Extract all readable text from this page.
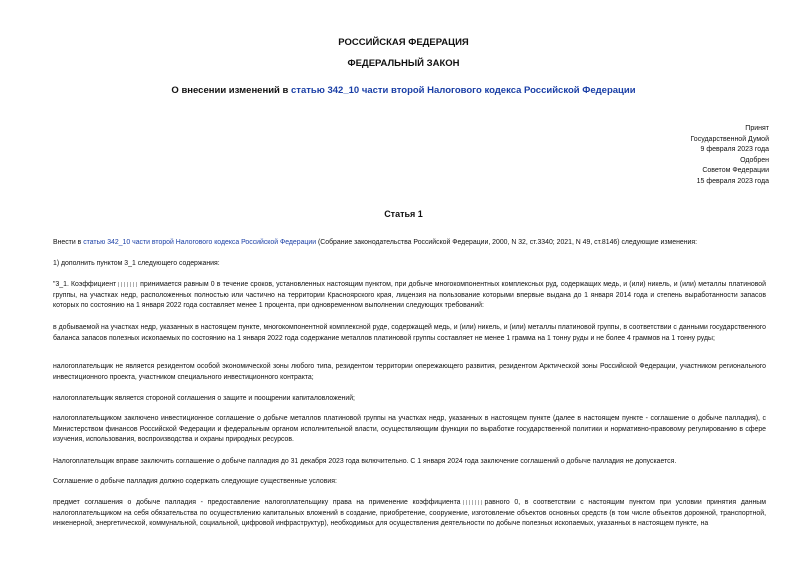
РОССИЙСКАЯ ФЕДЕРАЦИЯ
ФЕДЕРАЛЬНЫЙ ЗАКОН
О внесении изменений в статью 342_10 части второй Налогового кодекса Российской Федерации
Принят
Государственной Думой
9 февраля 2023 года
Одобрен
Советом Федерации
15 февраля 2023 года
Статья 1
Внести в статью 342_10 части второй Налогового кодекса Российской Федерации (Собрание законодательства Российской Федерации, 2000, N 32, ст.3340; 2021, N 49, ст.8146) следующие изменения:
1) дополнить пунктом 3_1 следующего содержания:
"3_1. Коэффициент	принимается равным 0 в течение сроков, установленных настоящим пунктом, при добыче многокомпонентных комплексных руд, содержащих медь, и (или) никель, и (или) металлы платиновой группы, на участках недр, расположенных полностью или частично на территории Красноярского края, лицензия на пользование которыми впервые выдана до 1 января 2014 года и степень выработанности запасов которых по состоянию на 1 января 2022 года составляет менее 1 процента, при одновременном выполнении следующих требований:
в добываемой на участках недр, указанных в настоящем пункте, многокомпонентной комплексной руде, содержащей медь, и (или) никель, и (или) металлы платиновой группы, в соответствии с данными государственного баланса запасов полезных ископаемых по состоянию на 1 января 2022 года содержание металлов платиновой группы составляет не менее 1 грамма на 1 тонну руды и не более 4 граммов на 1 тонну руды;
налогоплательщик не является резидентом особой экономической зоны любого типа, резидентом территории опережающего развития, резидентом Арктической зоны Российской Федерации, участником регионального инвестиционного проекта, участником специального инвестиционного контракта;
налогоплательщик является стороной соглашения о защите и поощрении капиталовложений;
налогоплательщиком заключено инвестиционное соглашение о добыче металлов платиновой группы на участках недр, указанных в настоящем пункте (далее в настоящем пункте - соглашение о добыче палладия), с Министерством финансов Российской Федерации и федеральным органом исполнительной власти, осуществляющим функции по выработке государственной политики и нормативно-правовому регулированию в сфере изучения, использования, воспроизводства и охраны природных ресурсов.
Налогоплательщик вправе заключить соглашение о добыче палладия до 31 декабря 2023 года включительно. С 1 января 2024 года заключение соглашений о добыче палладия не допускается.
Соглашение о добыче палладия должно содержать следующие существенные условия:
предмет соглашения о добыче палладия - предоставление налогоплательщику права на применение коэффициента	равного 0, в соответствии с настоящим пунктом при условии принятия данным налогоплательщиком на себя обязательства по осуществлению капитальных вложений в создание, приобретение, сооружение, изготовление объектов основных средств (в том числе объектов дорожной, транспортной, инженерной, энергетической, коммунальной, социальной, цифровой инфраструктур), необходимых для осуществления деятельности по добыче полезных ископаемых, указанных в настоящем пункте, на
